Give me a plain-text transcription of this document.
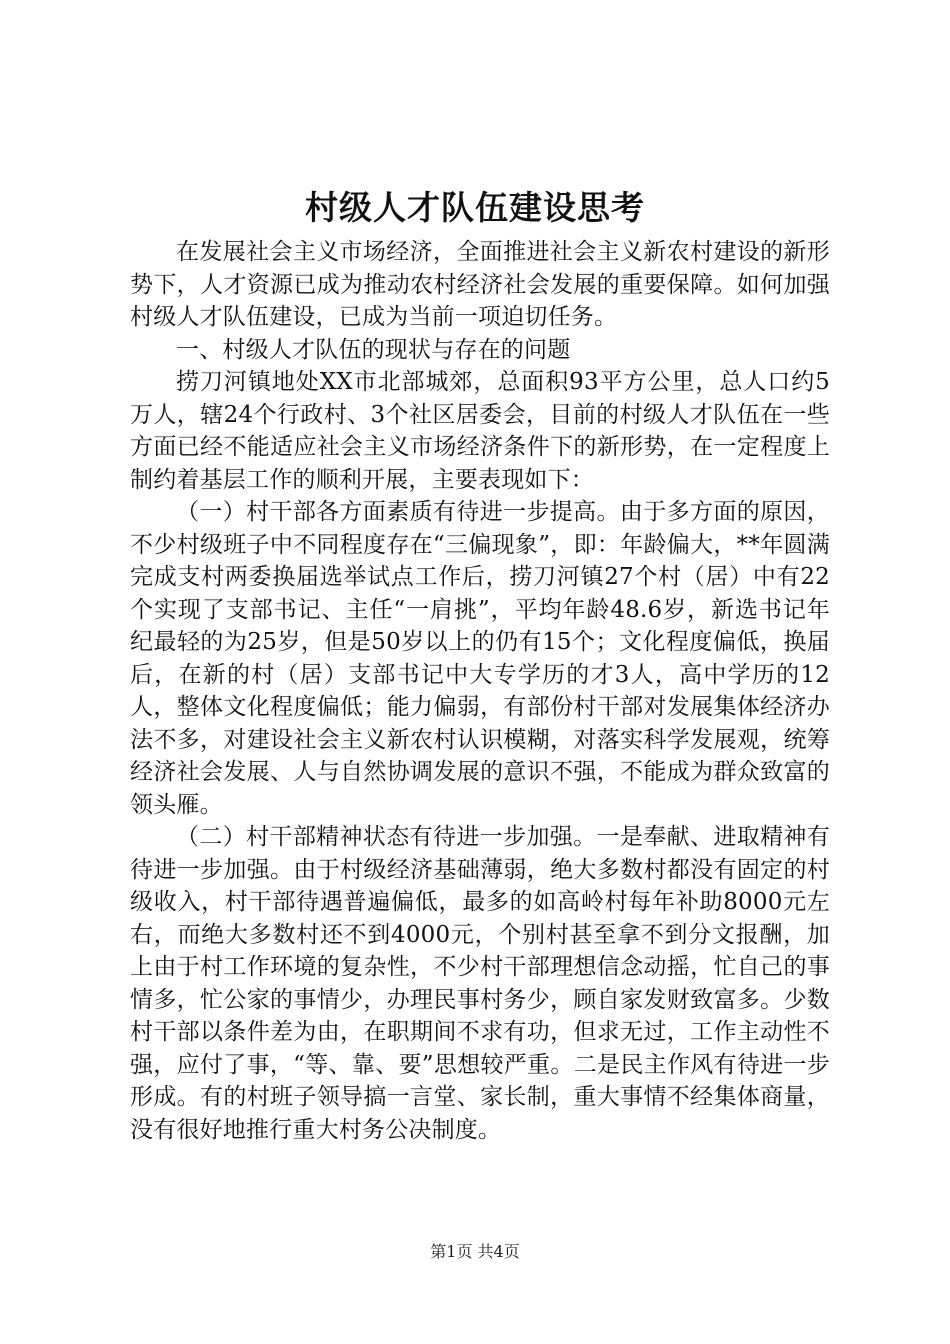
村级人才队伍建设思考

在发展社会主义市场经济，全面推进社会主义新农村建设的新形势下，人才资源已成为推动农村经济社会发展的重要保障。如何加强村级人才队伍建设，已成为当前一项迫切任务。

一、村级人才队伍的现状与存在的问题

捞刀河镇地处XX市北部城郊，总面积93平方公里，总人口约5万人，辖24个行政村、3个社区居委会，目前的村级人才队伍在一些方面已经不能适应社会主义市场经济条件下的新形势，在一定程度上制约着基层工作的顺利开展，主要表现如下：

（一）村干部各方面素质有待进一步提高。由于多方面的原因，不少村级班子中不同程度存在“三偏现象”，即：年龄偏大，**年圆满完成支村两委换届选举试点工作后，捞刀河镇27个村（居）中有22个实现了支部书记、主任“一肩挑”，平均年龄48.6岁，新选书记年纪最轻的为25岁，但是50岁以上的仍有15个；文化程度偏低，换届后，在新的村（居）支部书记中大专学历的才3人，高中学历的12人，整体文化程度偏低；能力偏弱，有部份村干部对发展集体经济办法不多，对建设社会主义新农村认识模糊，对落实科学发展观，统筹经济社会发展、人与自然协调发展的意识不强，不能成为群众致富的领头雁。

（二）村干部精神状态有待进一步加强。一是奉献、进取精神有待进一步加强。由于村级经济基础薄弱，绝大多数村都没有固定的村级收入，村干部待遇普遍偏低，最多的如高岭村每年补助8000元左右，而绝大多数村还不到4000元，个别村甚至拿不到分文报酬，加上由于村工作环境的复杂性，不少村干部理想信念动摇，忙自己的事情多，忙公家的事情少，办理民事村务少，顾自家发财致富多。少数村干部以条件差为由，在职期间不求有功，但求无过，工作主动性不强，应付了事，“等、靠、要”思想较严重。二是民主作风有待进一步形成。有的村班子领导搞一言堂、家长制，重大事情不经集体商量，没有很好地推行重大村务公决制度。

第1页 共4页
